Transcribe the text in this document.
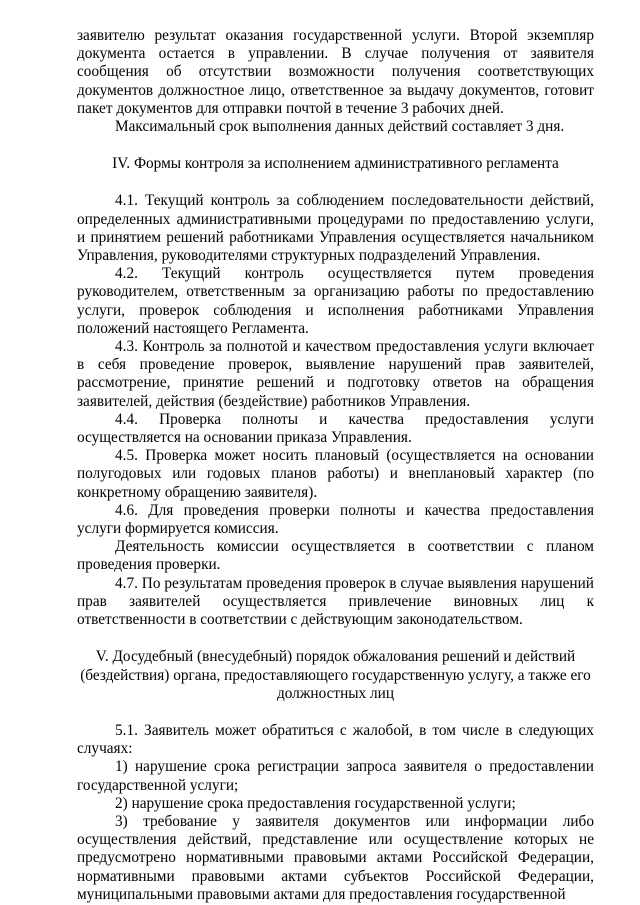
заявителю результат оказания государственной услуги. Второй экземпляр документа остается в управлении. В случае получения от заявителя сообщения об отсутствии возможности получения соответствующих документов должностное лицо, ответственное за выдачу документов, готовит пакет документов для отправки почтой в течение 3 рабочих дней.

Максимальный срок выполнения данных действий составляет 3 дня.

IV. Формы контроля за исполнением административного регламента

4.1. Текущий контроль за соблюдением последовательности действий, определенных административными процедурами по предоставлению услуги, и принятием решений работниками Управления осуществляется начальником Управления, руководителями структурных подразделений Управления.

4.2. Текущий контроль осуществляется путем проведения руководителем, ответственным за организацию работы по предоставлению услуги, проверок соблюдения и исполнения работниками Управления положений настоящего Регламента.

4.3. Контроль за полнотой и качеством предоставления услуги включает в себя проведение проверок, выявление нарушений прав заявителей, рассмотрение, принятие решений и подготовку ответов на обращения заявителей, действия (бездействие) работников Управления.

4.4. Проверка полноты и качества предоставления услуги осуществляется на основании приказа Управления.

4.5. Проверка может носить плановый (осуществляется на основании полугодовых или годовых планов работы) и внеплановый характер (по конкретному обращению заявителя).

4.6. Для проведения проверки полноты и качества предоставления услуги формируется комиссия.

Деятельность комиссии осуществляется в соответствии с планом проведения проверки.

4.7. По результатам проведения проверок в случае выявления нарушений прав заявителей осуществляется привлечение виновных лиц к ответственности в соответствии с действующим законодательством.

V. Досудебный (внесудебный) порядок обжалования решений и действий
(бездействия) органа, предоставляющего государственную услугу, а также его
должностных лиц

5.1. Заявитель может обратиться с жалобой, в том числе в следующих случаях:

1) нарушение срока регистрации запроса заявителя о предоставлении государственной услуги;

2) нарушение срока предоставления государственной услуги;

3) требование у заявителя документов или информации либо осуществления действий, представление или осуществление которых не предусмотрено нормативными правовыми актами Российской Федерации, нормативными правовыми актами субъектов Российской Федерации, муниципальными правовыми актами для предоставления государственной
